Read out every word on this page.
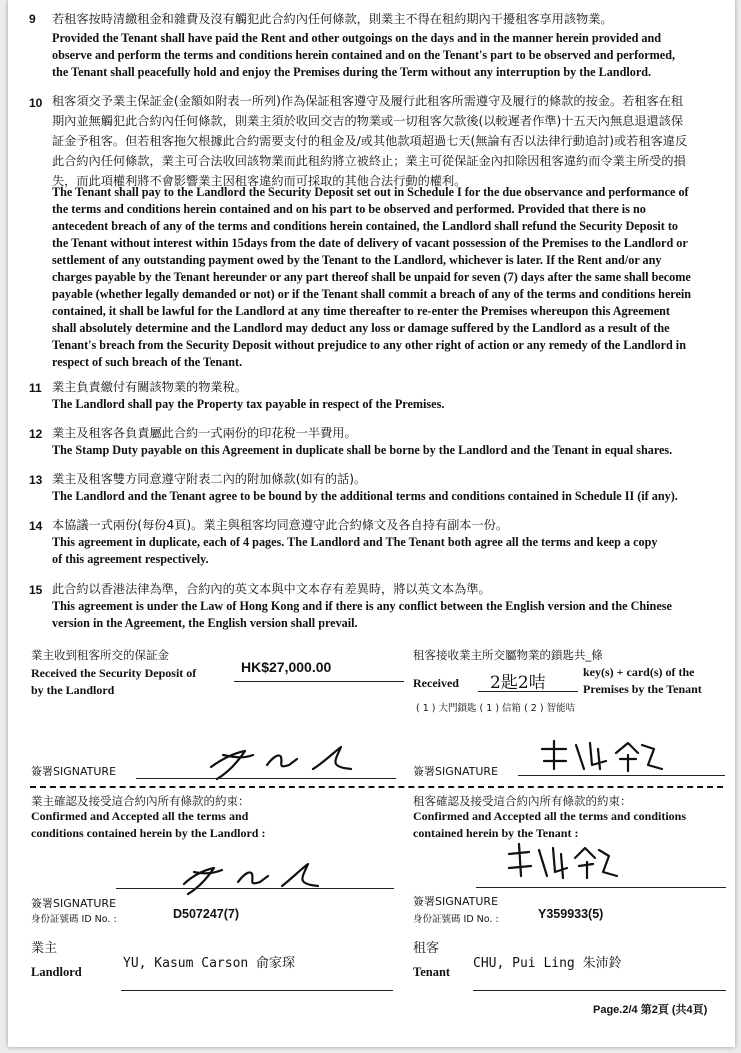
9 若租客按時清繳租金和雜費及沒有觸犯此合約內任何條款，則業主不得在租約期內干擾租客享用該物業。
Provided the Tenant shall have paid the Rent and other outgoings on the days and in the manner herein provided and
observe and perform the terms and conditions herein contained and on the Tenant's part to be observed and performed,
the Tenant shall peacefully hold and enjoy the Premises during the Term without any interruption by the Landlord.
10 租客須交予業主保証金(金額如附表一所列)作為保証租客遵守及履行此租客所需遵守及履行的條款的按金。若租客在租
期內並無觸犯此合約內任何條款，則業主須於收回交吉的物業或一切租客欠款後(以較遲者作準)十五天內無息退還該保
証金予租客。但若租客拖欠根據此合約需要支付的租金及/或其他款項超過七天(無論有否以法律行動追討)或若租客違反
此合約內任何條款，業主可合法收回該物業而此租約將立被終止；業主可從保証金內扣除因租客違約而令業主所受的損
失，而此項權利將不會影響業主因租客違約而可採取的其他合法行動的權利。
The Tenant shall pay to the Landlord the Security Deposit set out in Schedule I for the due observance and performance of
the terms and conditions herein contained and on his part to be observed and performed. Provided that there is no
antecedent breach of any of the terms and conditions herein contained, the Landlord shall refund the Security Deposit to
the Tenant without interest within 15days from the date of delivery of vacant possession of the Premises to the Landlord or
settlement of any outstanding payment owed by the Tenant to the Landlord, whichever is later. If the Rent and/or any
charges payable by the Tenant hereunder or any part thereof shall be unpaid for seven (7) days after the same shall become
payable (whether legally demanded or not) or if the Tenant shall commit a breach of any of the terms and conditions herein
contained, it shall be lawful for the Landlord at any time thereafter to re-enter the Premises whereupon this Agreement
shall absolutely determine and the Landlord may deduct any loss or damage suffered by the Landlord as a result of the
Tenant's breach from the Security Deposit without prejudice to any other right of action or any remedy of the Landlord in
respect of such breach of the Tenant.
11 業主負責繳付有關該物業的物業稅。
The Landlord shall pay the Property tax payable in respect of the Premises.
12 業主及租客各負責屬此合約一式兩份的印花稅一半費用。
The Stamp Duty payable on this Agreement in duplicate shall be borne by the Landlord and the Tenant in equal shares.
13 業主及租客雙方同意遵守附表二內的附加條款(如有的話)。
The Landlord and the Tenant agree to be bound by the additional terms and conditions contained in Schedule II (if any).
14 本協議一式兩份(每份4頁)。業主與租客均同意遵守此合約條文及各自持有副本一份。
This agreement in duplicate, each of 4 pages. The Landlord and The Tenant both agree all the terms and keep a copy
of this agreement respectively.
15 此合約以香港法律為準，合約內的英文本與中文本存有差異時，將以英文本為準。
This agreement is under the Law of Hong Kong and if there is any conflict between the English version and the Chinese
version in the Agreement, the English version shall prevail.
業主收到租客所交的保証金
Received the Security Deposit of
by the Landlord
HK$27,000.00
租客接收業主所交屬物業的鎖匙共_條
Received 2匙2咭
key(s) + card(s) of the
Premises by the Tenant
( 1 ) 大門鎖匙 ( 1 ) 信箱 ( 2 ) 智能咭
簽署SIGNATURE	簽署SIGNATURE
業主確認及接受這合約內所有條款的約束：
Confirmed and Accepted all the terms and
conditions contained herein by the Landlord :
租客確認及接受這合約內所有條款的約束：
Confirmed and Accepted all the terms and conditions
contained herein by the Tenant :
簽署SIGNATURE
身份証號碼 ID No. :	D507247(7)
簽署SIGNATURE
身份証號碼 ID No. :	Y359933(5)
業主
Landlord
YU, Kasum Carson 俞家琛
租客
Tenant
CHU, Pui Ling 朱沛鈴
Page.2/4 第2頁 (共4頁)
